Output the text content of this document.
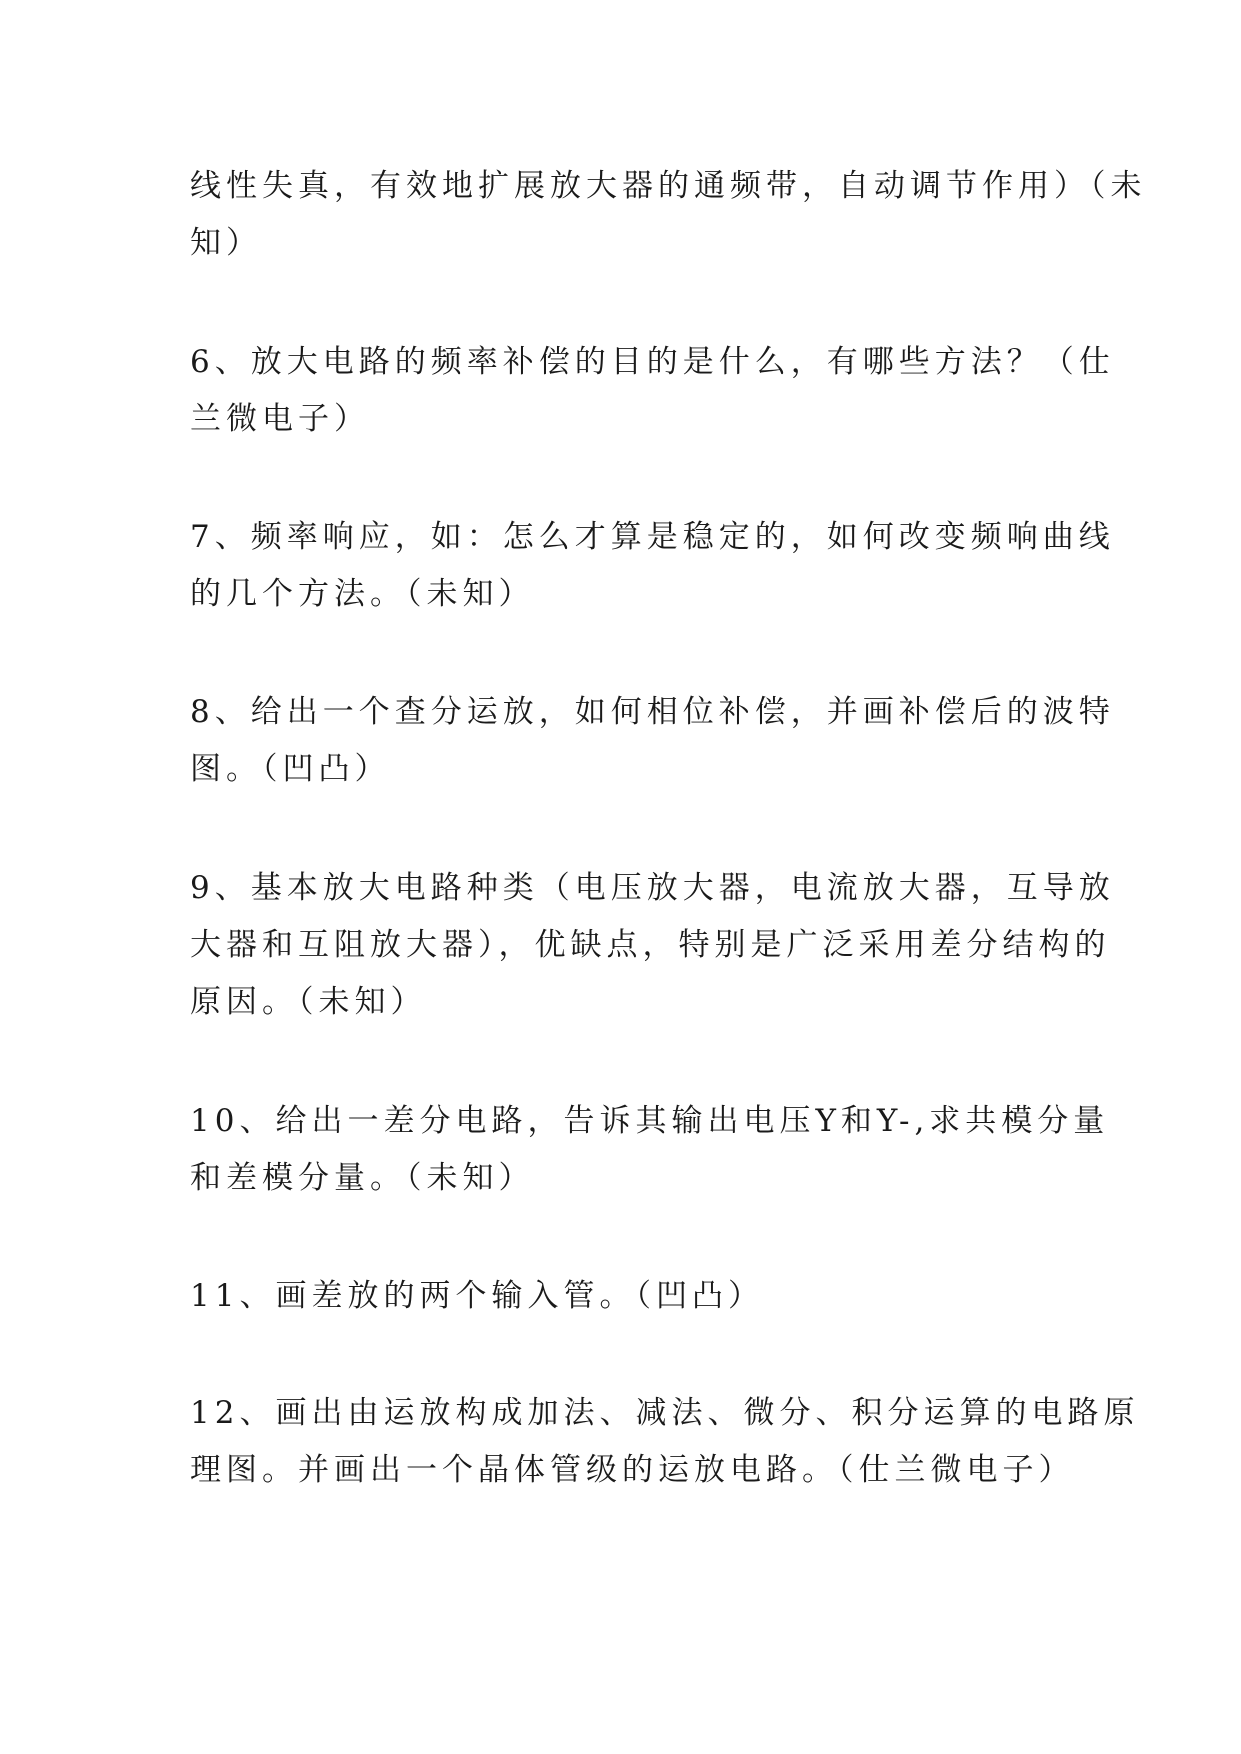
线性失真，有效地扩展放大器的通频带，自动调节作用）（未
知）

6、放大电路的频率补偿的目的是什么，有哪些方法？（仕
兰微电子）

7、频率响应，如：怎么才算是稳定的，如何改变频响曲线
的几个方法。（未知）

8、给出一个查分运放，如何相位补偿，并画补偿后的波特
图。（凹凸）

9、基本放大电路种类（电压放大器，电流放大器，互导放
大器和互阻放大器），优缺点，特别是广泛采用差分结构的
原因。（未知）

10、给出一差分电路，告诉其输出电压Y和Y-,求共模分量
和差模分量。（未知）

11、画差放的两个输入管。（凹凸）

12、画出由运放构成加法、减法、微分、积分运算的电路原
理图。并画出一个晶体管级的运放电路。（仕兰微电子）
